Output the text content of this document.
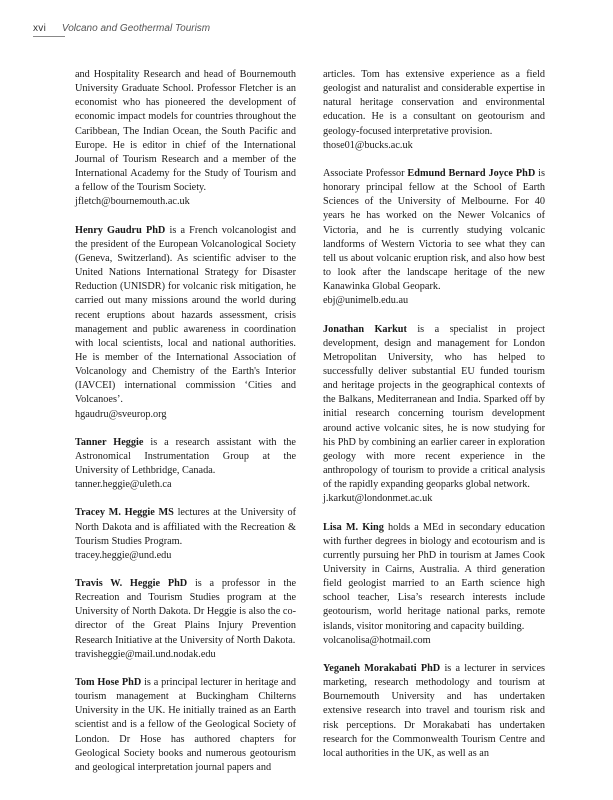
xvi Volcano and Geothermal Tourism

and Hospitality Research and head of Bournemouth University Graduate School. Professor Fletcher is an economist who has pioneered the development of economic impact models for countries throughout the Caribbean, The Indian Ocean, the South Pacific and Europe. He is editor in chief of the International Journal of Tourism Research and a member of the International Academy for the Study of Tourism and a fellow of the Tourism Society.
jfletch@bournemouth.ac.uk

Henry Gaudru PhD is a French volcanologist and the president of the European Volcanological Society (Geneva, Switzerland). As scientific adviser to the United Nations International Strategy for Disaster Reduction (UNISDR) for volcanic risk mitigation, he carried out many missions around the world during recent eruptions about hazards assessment, crisis management and public awareness in coordination with local scientists, local and national authorities. He is member of the International Association of Volcanology and Chemistry of the Earth's Interior (IAVCEI) international commission ‘Cities and Volcanoes’.
hgaudru@sveurop.org

Tanner Heggie is a research assistant with the Astronomical Instrumentation Group at the University of Lethbridge, Canada.
tanner.heggie@uleth.ca

Tracey M. Heggie MS lectures at the University of North Dakota and is affiliated with the Recreation & Tourism Studies Program.
tracey.heggie@und.edu

Travis W. Heggie PhD is a professor in the Recreation and Tourism Studies program at the University of North Dakota. Dr Heggie is also the co-director of the Great Plains Injury Prevention Research Initiative at the University of North Dakota.
travisheggie@mail.und.nodak.edu

Tom Hose PhD is a principal lecturer in heritage and tourism management at Buckingham Chilterns University in the UK. He initially trained as an Earth scientist and is a fellow of the Geological Society of London. Dr Hose has authored chapters for Geological Society books and numerous geotourism and geological interpretation journal papers and

articles. Tom has extensive experience as a field geologist and naturalist and considerable expertise in natural heritage conservation and environmental education. He is a consultant on geotourism and geology-focused interpretative provision.
those01@bucks.ac.uk

Associate Professor Edmund Bernard Joyce PhD is honorary principal fellow at the School of Earth Sciences of the University of Melbourne. For 40 years he has worked on the Newer Volcanics of Victoria, and he is currently studying volcanic landforms of Western Victoria to see what they can tell us about volcanic eruption risk, and also how best to look after the landscape heritage of the new Kanawinka Global Geopark.
ebj@unimelb.edu.au

Jonathan Karkut is a specialist in project development, design and management for London Metropolitan University, who has helped to successfully deliver substantial EU funded tourism and heritage projects in the geographical contexts of the Balkans, Mediterranean and India. Sparked off by initial research concerning tourism development around active volcanic sites, he is now studying for his PhD by combining an earlier career in exploration geology with more recent experience in the anthropology of tourism to provide a critical analysis of the rapidly expanding geoparks global network.
j.karkut@londonmet.ac.uk

Lisa M. King holds a MEd in secondary education with further degrees in biology and ecotourism and is currently pursuing her PhD in tourism at James Cook University in Cairns, Australia. A third generation field geologist married to an Earth science high school teacher, Lisa’s research interests include geotourism, world heritage national parks, remote islands, visitor monitoring and capacity building.
volcanolisa@hotmail.com

Yeganeh Morakabati PhD is a lecturer in services marketing, research methodology and tourism at Bournemouth University and has undertaken extensive research into travel and tourism risk and risk perceptions. Dr Morakabati has undertaken research for the Commonwealth Tourism Centre and local authorities in the UK, as well as an
